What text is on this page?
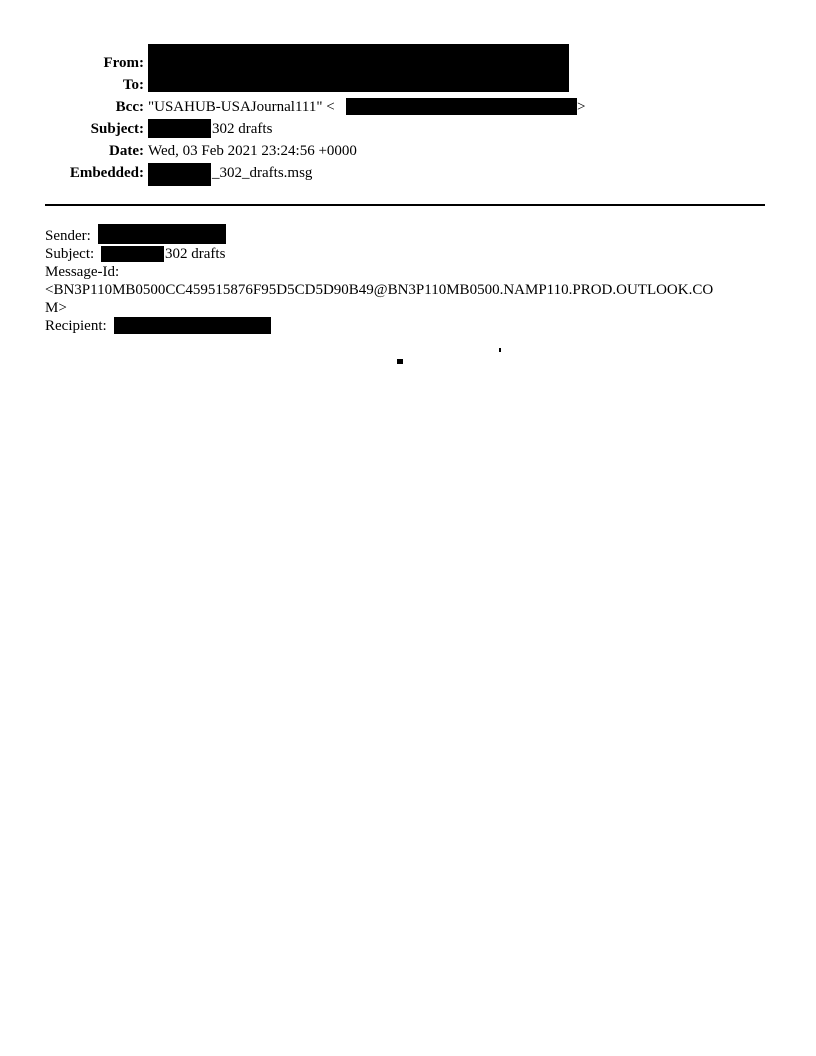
From:
To:
Bcc: "USAHUB-USAJournal111" <	>
Subject:	302 drafts
Date: Wed, 03 Feb 2021 23:24:56 +0000
Embedded:	_302_drafts.msg
Sender:
Subject:	302 drafts
Message-Id:
<BN3P110MB0500CC459515876F95D5CD5D90B49@BN3P110MB0500.NAMP110.PROD.OUTLOOK.CO
M>
Recipient:
